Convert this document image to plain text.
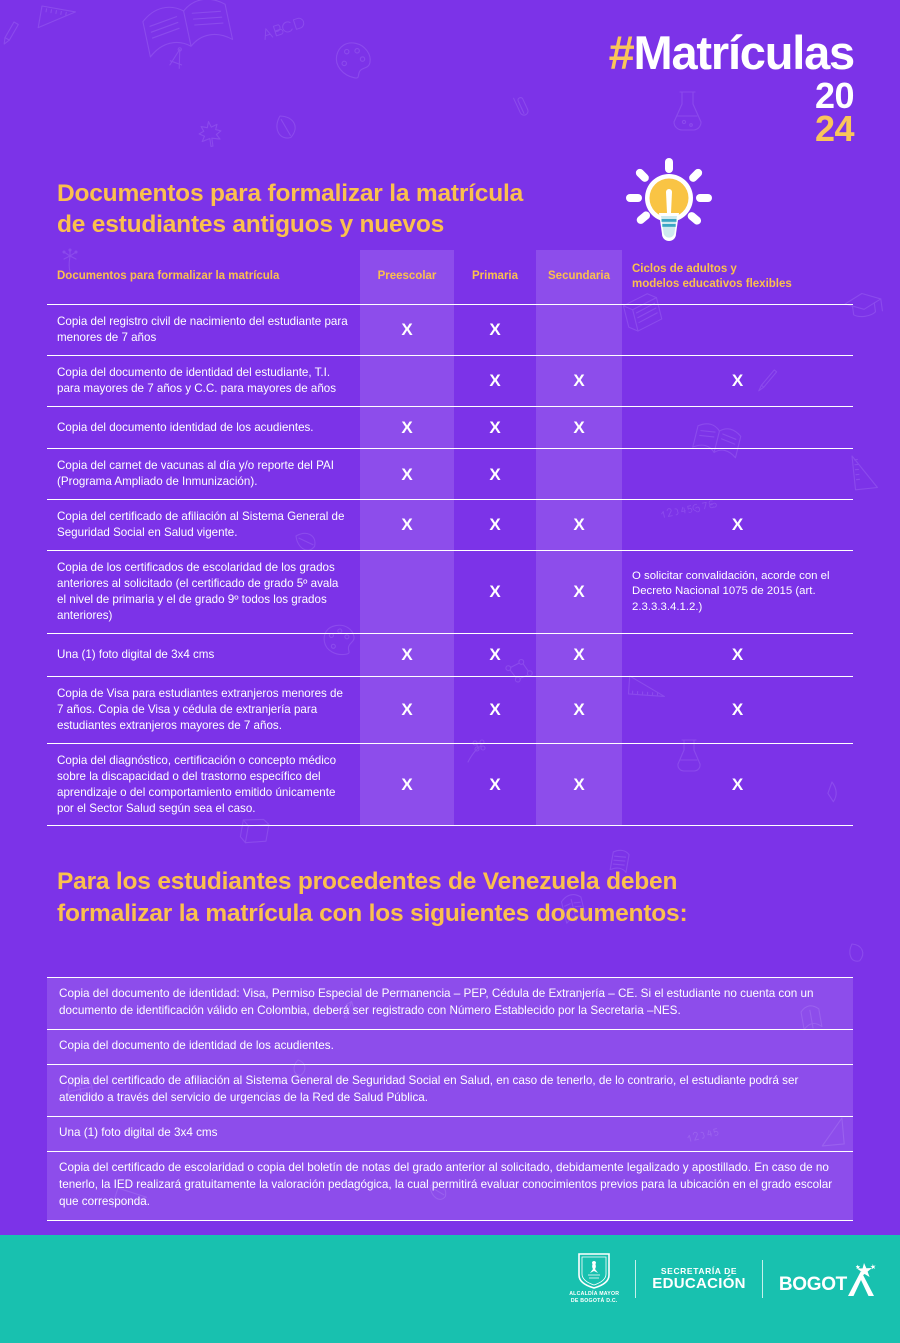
#Matrículas
20
24
Documentos para formalizar la matrícula
de estudiantes antiguos y nuevos
Documentos para formalizar la matrícula	Preescolar	Primaria	Secundaria	Ciclos de adultos y
modelos educativos flexibles

Copia del registro civil de nacimiento del estudiante para menores de 7 años	X	X		
Copia del documento de identidad del estudiante, T.I. para mayores de 7 años y C.C. para mayores de años		X	X	X
Copia del documento identidad de los acudientes.	X	X	X	
Copia del carnet de vacunas al día y/o reporte del PAI (Programa Ampliado de Inmunización).	X	X		
Copia del certificado de afiliación al Sistema General de Seguridad Social en Salud vigente.	X	X	X	X
Copia de los certificados de escolaridad de los grados anteriores al solicitado (el certificado de grado 5º avala el nivel de primaria y el de grado 9º todos los grados anteriores)		X	X	O solicitar convalidación, acorde con el Decreto Nacional 1075 de 2015 (art. 2.3.3.3.4.1.2.)
Una (1) foto digital de 3x4 cms	X	X	X	X
Copia de Visa para estudiantes extranjeros menores de 7 años. Copia de Visa y cédula de extranjería para estudiantes extranjeros mayores de 7 años.	X	X	X	X
Copia del diagnóstico, certificación o concepto médico sobre la discapacidad o del trastorno específico del aprendizaje o del comportamiento emitido únicamente por el Sector Salud según sea el caso.	X	X	X	X
Para los estudiantes procedentes de Venezuela deben
formalizar la matrícula con los siguientes documentos:
Copia del documento de identidad: Visa, Permiso Especial de Permanencia – PEP, Cédula de Extranjería – CE. Si el estudiante no cuenta con un documento de identificación válido en Colombia, deberá ser registrado con Número Establecido por la Secretaria –NES.
Copia del documento de identidad de los acudientes.
Copia del certificado de afiliación al Sistema General de Seguridad Social en Salud, en caso de tenerlo, de lo contrario, el estudiante podrá ser atendido a través del servicio de urgencias de la Red de Salud Pública.
Una (1) foto digital de 3x4 cms
Copia del certificado de escolaridad o copia del boletín de notas del grado anterior al solicitado, debidamente legalizado y apostillado. En caso de no tenerlo, la IED realizará gratuitamente la valoración pedagógica, la cual permitirá evaluar conocimientos previos para la ubicación en el grado escolar que corresponda.
ALCALDÍA MAYOR
DE BOGOTÁ D.C.
SECRETARÍA DE
EDUCACIÓN BOGOT
